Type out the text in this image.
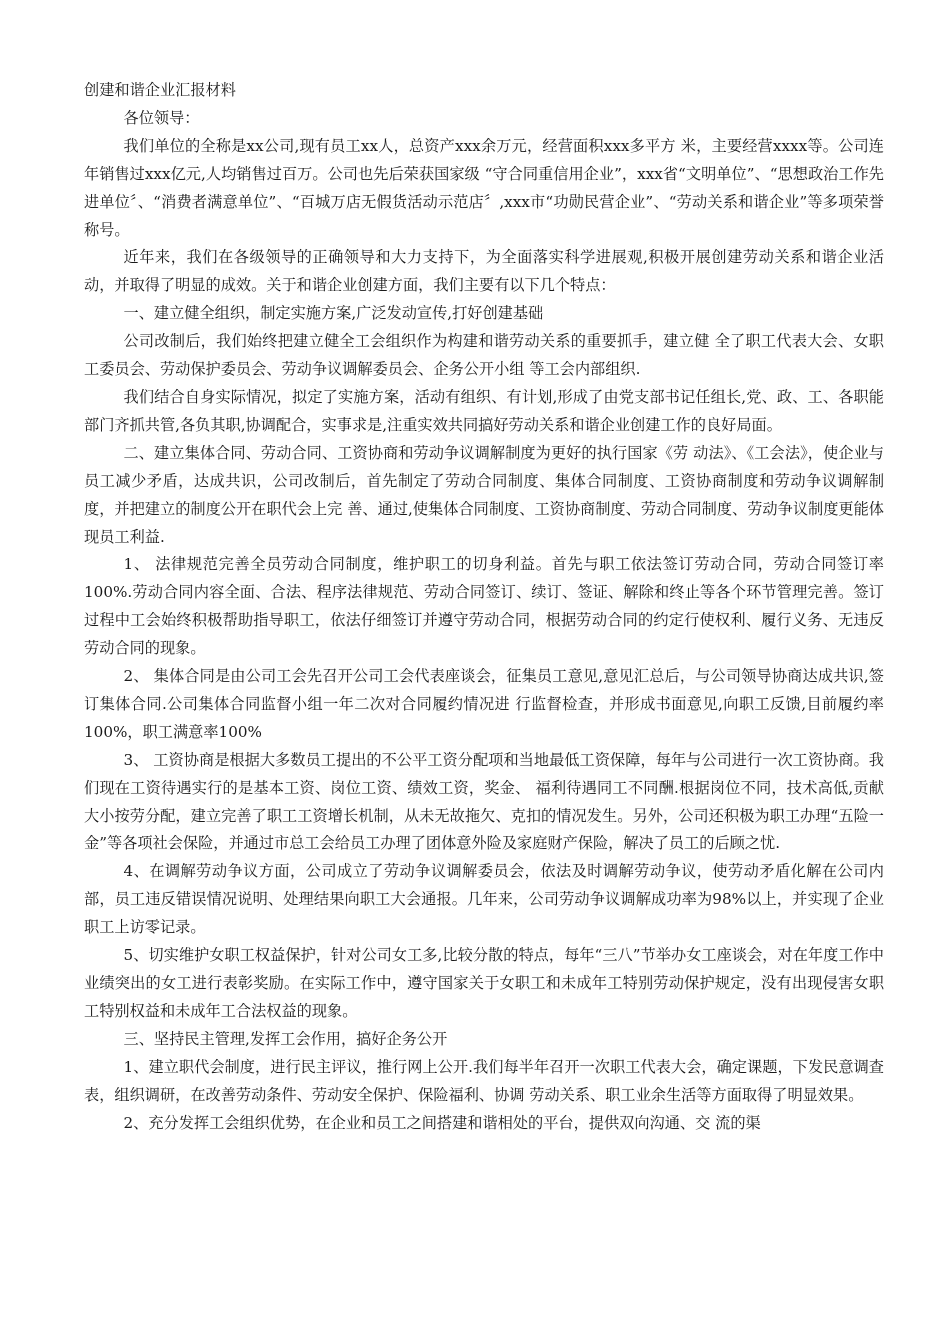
创建和谐企业汇报材料

各位领导：

我们单位的全称是xx公司,现有员工xx人，总资产xxx余万元，经营面积xxx多平方 米，主要经营xxxx等。公司连年销售过xxx亿元,人均销售过百万。公司也先后荣获国家级 “守合同重信用企业”，xxx省“文明单位”、“思想政治工作先进单位〞、“消费者满意单位”、“百城万店无假货活动示范店〞,xxx市“功勋民营企业”、“劳动关系和谐企业”等多项荣誉称号。

近年来，我们在各级领导的正确领导和大力支持下，为全面落实科学进展观,积极开展创建劳动关系和谐企业活动，并取得了明显的成效。关于和谐企业创建方面，我们主要有以下几个特点：

一、建立健全组织，制定实施方案,广泛发动宣传,打好创建基础

公司改制后，我们始终把建立健全工会组织作为构建和谐劳动关系的重要抓手，建立健 全了职工代表大会、女职工委员会、劳动保护委员会、劳动争议调解委员会、企务公开小组 等工会内部组织.

我们结合自身实际情况，拟定了实施方案，活动有组织、有计划,形成了由党支部书记任组长,党、政、工、各职能部门齐抓共管,各负其职,协调配合，实事求是,注重实效共同搞好劳动关系和谐企业创建工作的良好局面。

二、建立集体合同、劳动合同、工资协商和劳动争议调解制度为更好的执行国家《劳 动法》、《工会法》，使企业与员工减少矛盾，达成共识，公司改制后，首先制定了劳动合同制度、集体合同制度、工资协商制度和劳动争议调解制度，并把建立的制度公开在职代会上完 善、通过,使集体合同制度、工资协商制度、劳动合同制度、劳动争议制度更能体现员工利益.

1、 法律规范完善全员劳动合同制度，维护职工的切身利益。首先与职工依法签订劳动合同，劳动合同签订率 100%.劳动合同内容全面、合法、程序法律规范、劳动合同签订、续订、签证、解除和终止等各个环节管理完善。签订过程中工会始终积极帮助指导职工，依法仔细签订并遵守劳动合同，根据劳动合同的约定行使权利、履行义务、无违反劳动合同的现象。

2、 集体合同是由公司工会先召开公司工会代表座谈会，征集员工意见,意见汇总后，与公司领导协商达成共识,签订集体合同.公司集体合同监督小组一年二次对合同履约情况进 行监督检查，并形成书面意见,向职工反馈,目前履约率100%，职工满意率100%

3、 工资协商是根据大多数员工提出的不公平工资分配项和当地最低工资保障，每年与公司进行一次工资协商。我们现在工资待遇实行的是基本工资、岗位工资、绩效工资，奖金、 福利待遇同工不同酬.根据岗位不同，技术高低,贡献大小按劳分配，建立完善了职工工资增长机制，从未无故拖欠、克扣的情况发生。另外，公司还积极为职工办理“五险一金”等各项社会保险，并通过市总工会给员工办理了团体意外险及家庭财产保险，解决了员工的后顾之忧.

4、在调解劳动争议方面，公司成立了劳动争议调解委员会，依法及时调解劳动争议，使劳动矛盾化解在公司内部，员工违反错误情况说明、处理结果向职工大会通报。几年来，公司劳动争议调解成功率为98%以上，并实现了企业职工上访零记录。

5、切实维护女职工权益保护，针对公司女工多,比较分散的特点，每年“三八”节举办女工座谈会，对在年度工作中业绩突出的女工进行表彰奖励。在实际工作中，遵守国家关于女职工和未成年工特别劳动保护规定，没有出现侵害女职工特别权益和未成年工合法权益的现象。

三、坚持民主管理,发挥工会作用，搞好企务公开

1、建立职代会制度，进行民主评议，推行网上公开.我们每半年召开一次职工代表大会，确定课题，下发民意调查表，组织调研，在改善劳动条件、劳动安全保护、保险福利、协调 劳动关系、职工业余生活等方面取得了明显效果。

2、充分发挥工会组织优势，在企业和员工之间搭建和谐相处的平台，提供双向沟通、交 流的渠
